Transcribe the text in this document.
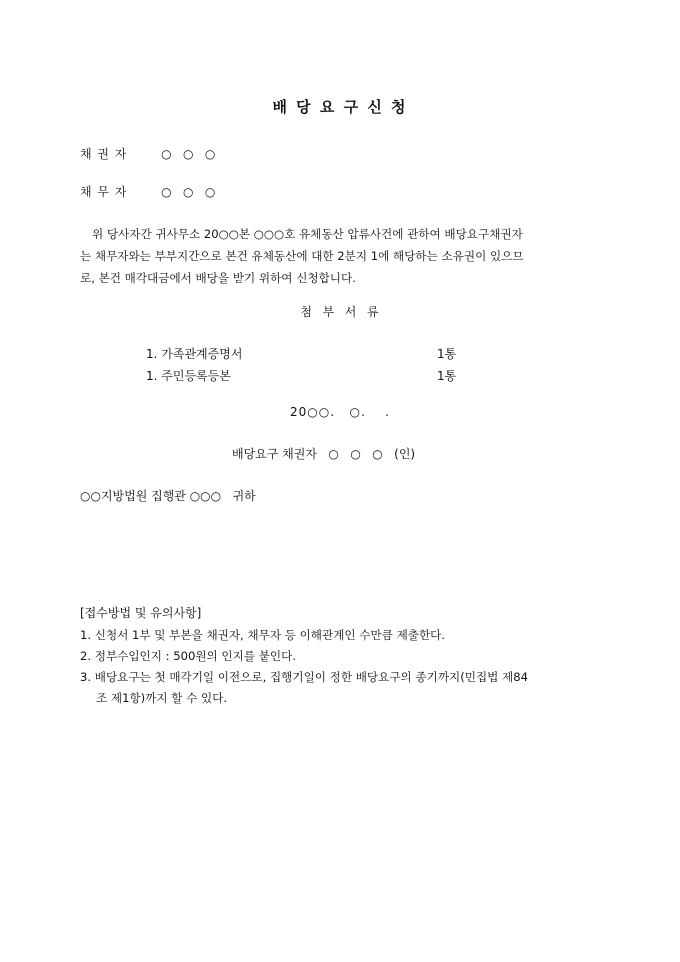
배 당 요 구 신 청
채 권 자	○   ○   ○
채 무 자	○   ○   ○
위 당사자간 귀사무소 20○○본 ○○○호 유체동산 압류사건에 관하여 배당요구채권자
는 채무자와는 부부지간으로 본건 유체동산에 대한 2분지 1에 해당하는 소유권이 있으므
로, 본건 매각대금에서 배당을 받기 위하여 신청합니다.
첨  부  서  류
1. 가족관계증명서	1통
1. 주민등록등본	1통
20○○.   ○.    .
배당요구 채권자   ○   ○   ○   (인)
○○지방법원 집행관 ○○○   귀하
[접수방법 및 유의사항]
1. 신청서 1부 및 부본을 채권자, 채무자 등 이해관계인 수만큼 제출한다.
2. 정부수입인지 : 500원의 인지를 붙인다.
3. 배당요구는 첫 매각기일 이전으로, 집행기일이 정한 배당요구의 종기까지(민집법 제84
조 제1항)까지 할 수 있다.
